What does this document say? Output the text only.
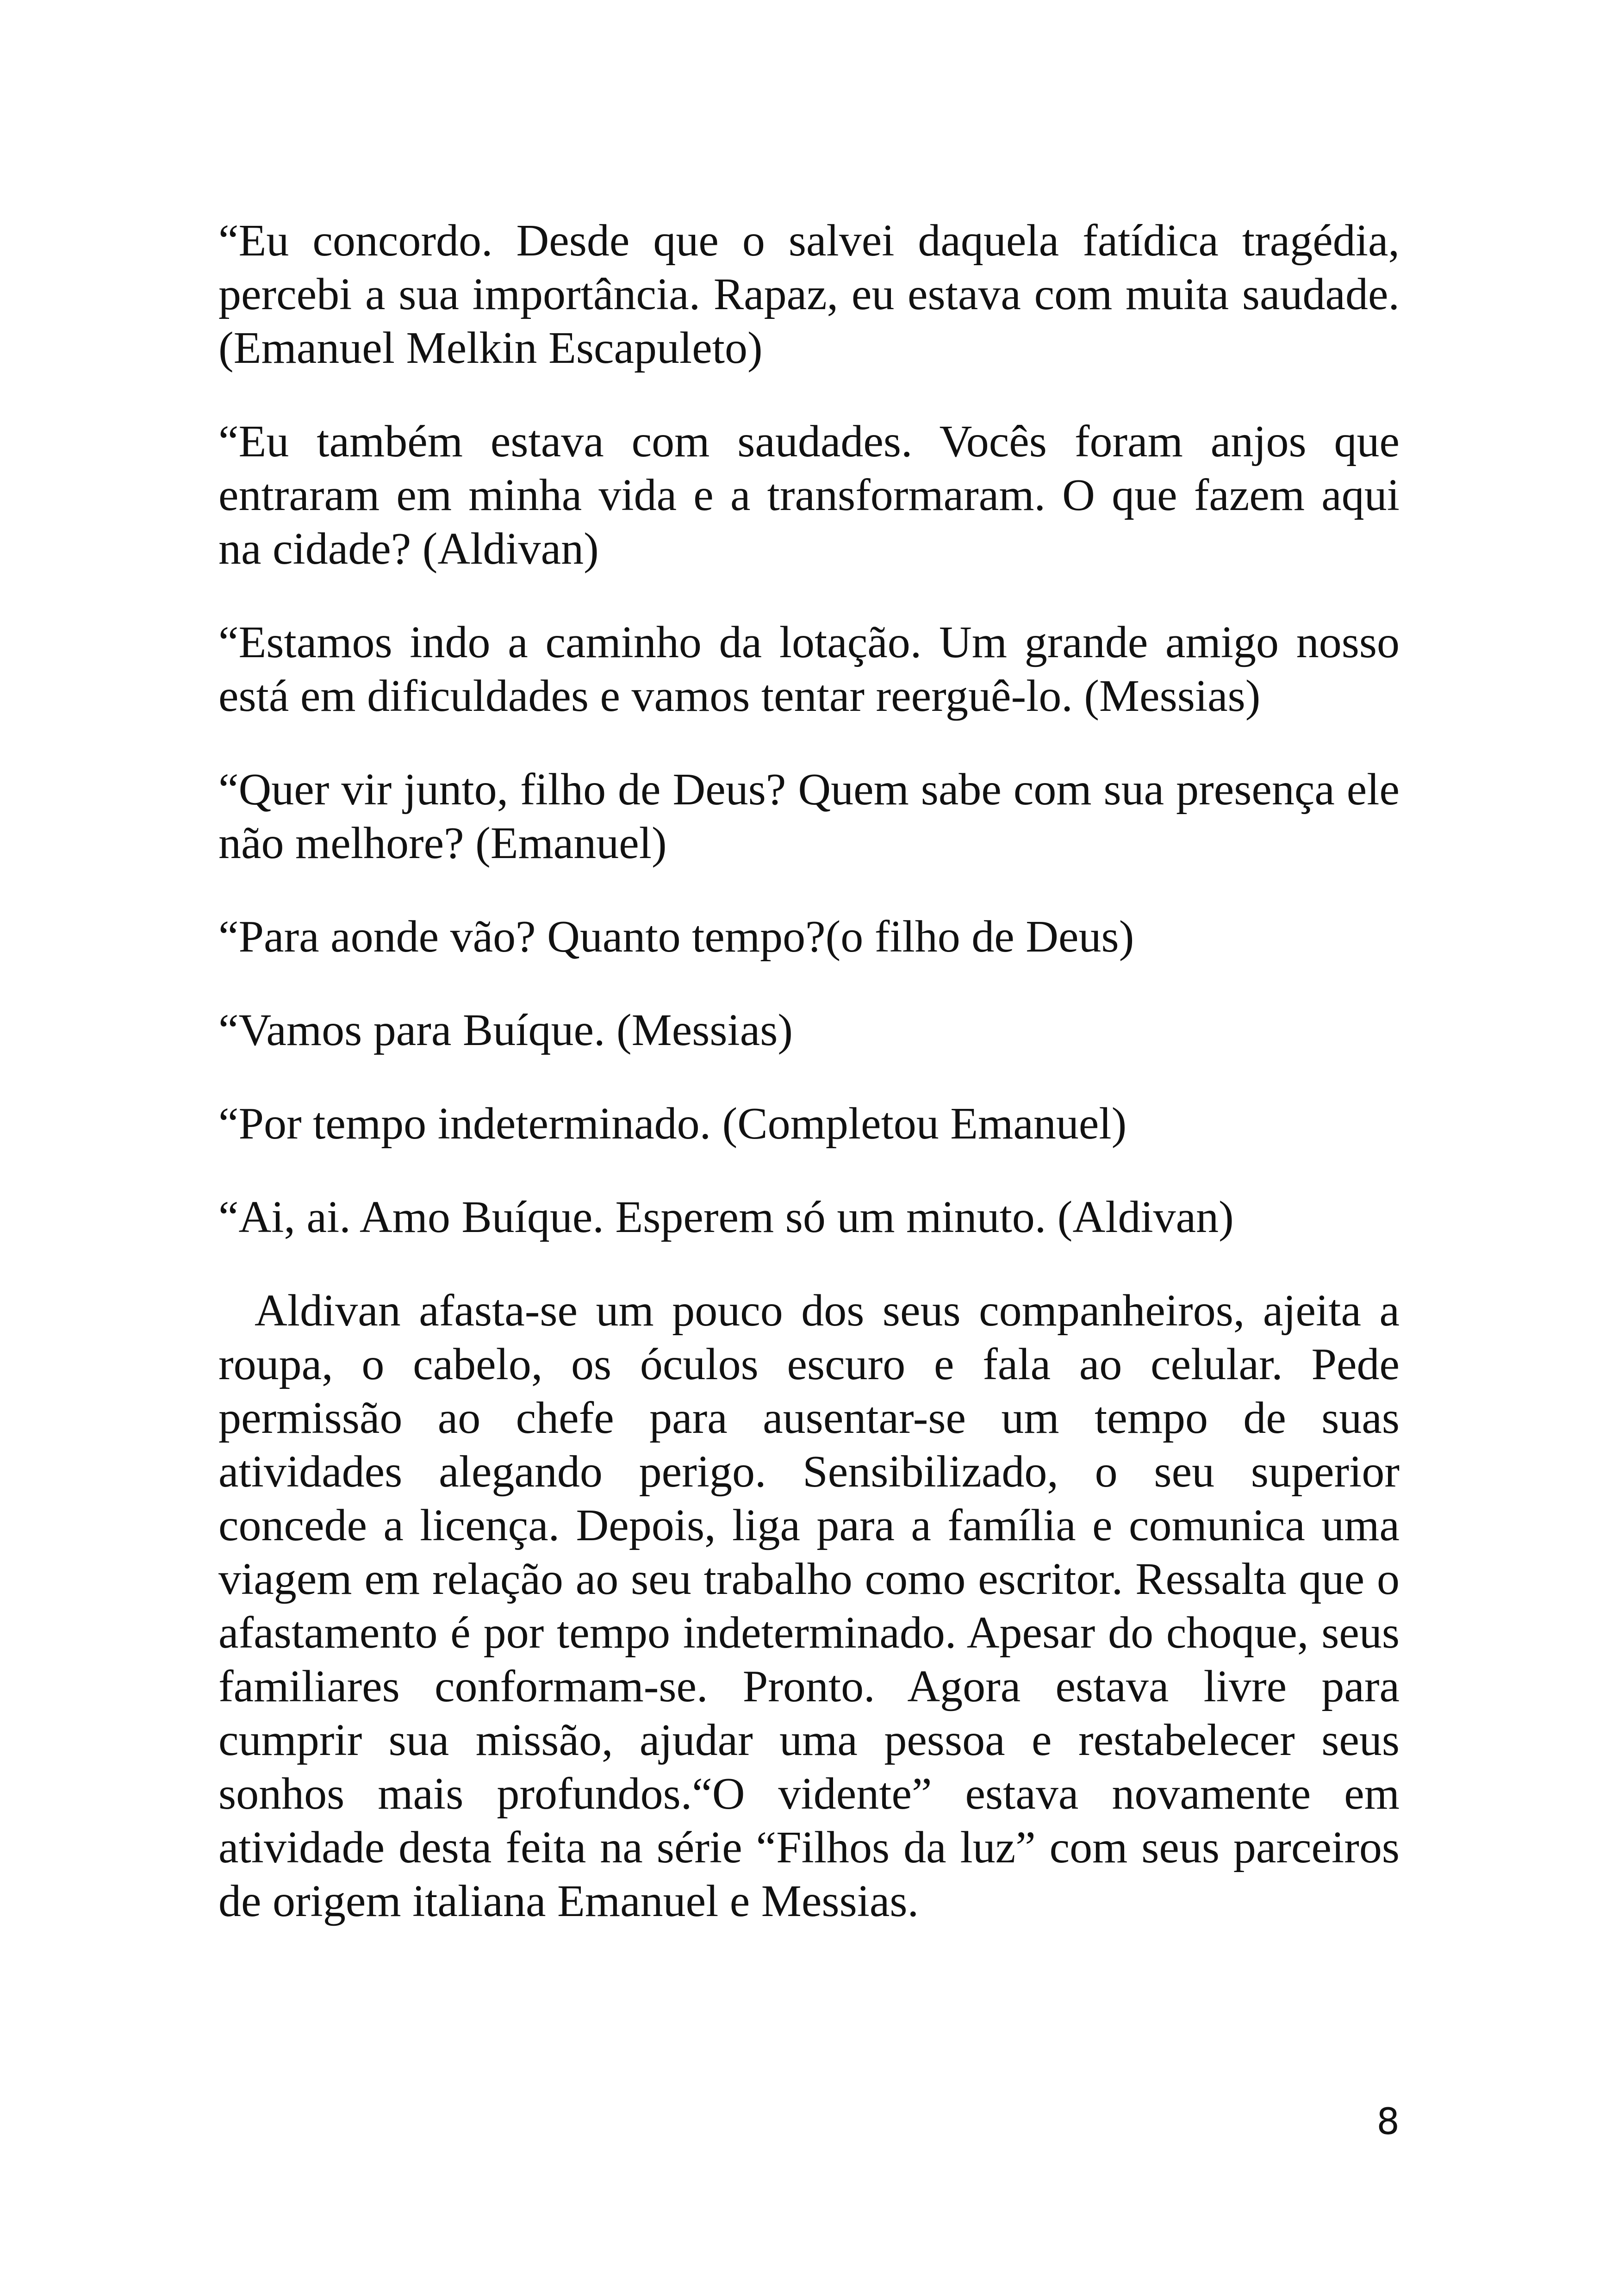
“Eu concordo. Desde que o salvei daquela fatídica tragédia, percebi a sua importância. Rapaz, eu estava com muita saudade. (Emanuel Melkin Escapuleto)

“Eu também estava com saudades. Vocês foram anjos que entraram em minha vida e a transformaram. O que fazem aqui na cidade? (Aldivan)

“Estamos indo a caminho da lotação. Um grande amigo nosso está em dificuldades e vamos tentar reerguê-lo. (Messias)

“Quer vir junto, filho de Deus? Quem sabe com sua presença ele não melhore? (Emanuel)

“Para aonde vão? Quanto tempo?(o filho de Deus)

“Vamos para Buíque. (Messias)

“Por tempo indeterminado. (Completou Emanuel)

“Ai, ai. Amo Buíque. Esperem só um minuto. (Aldivan)

Aldivan afasta-se um pouco dos seus companheiros, ajeita a roupa, o cabelo, os óculos escuro e fala ao celular. Pede permissão ao chefe para ausentar-se um tempo de suas atividades alegando perigo. Sensibilizado, o seu superior concede a licença. Depois, liga para a família e comunica uma viagem em relação ao seu trabalho como escritor. Ressalta que o afastamento é por tempo indeterminado. Apesar do choque, seus familiares conformam-se. Pronto. Agora estava livre para cumprir sua missão, ajudar uma pessoa e restabelecer seus sonhos mais profundos.“O vidente” estava novamente em atividade desta feita na série “Filhos da luz” com seus parceiros de origem italiana Emanuel e Messias.

8
